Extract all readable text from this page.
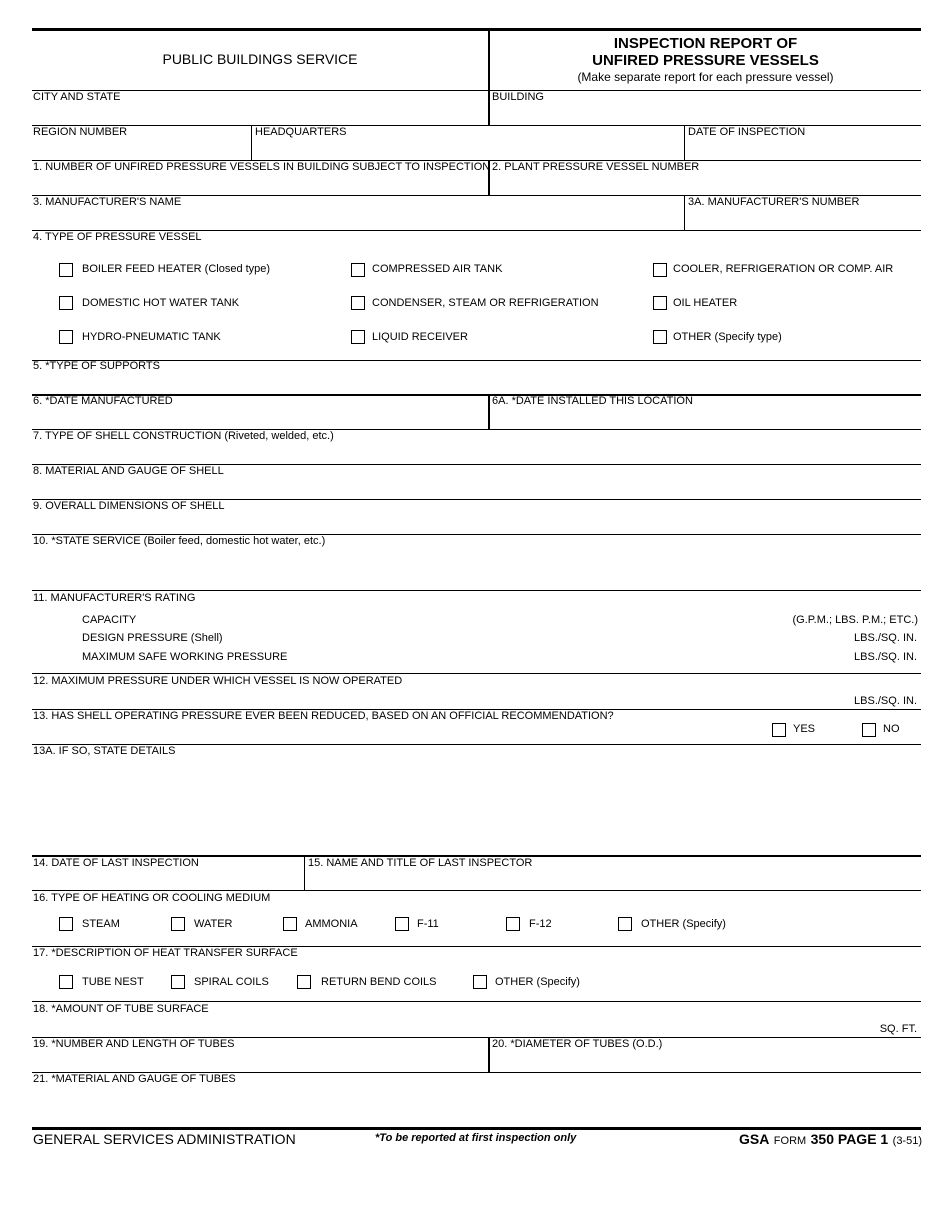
PUBLIC BUILDINGS SERVICE
INSPECTION REPORT OF
UNFIRED PRESSURE VESSELS
(Make separate report for each pressure vessel)
CITY AND STATE	BUILDING
REGION NUMBER	HEADQUARTERS	DATE OF INSPECTION
1. NUMBER OF UNFIRED PRESSURE VESSELS IN BUILDING SUBJECT TO INSPECTION 2. PLANT PRESSURE VESSEL NUMBER
3. MANUFACTURER'S NAME	3A. MANUFACTURER'S NUMBER
4. TYPE OF PRESSURE VESSEL
BOILER FEED HEATER (Closed type)	COMPRESSED AIR TANK	COOLER, REFRIGERATION OR COMP. AIR
DOMESTIC HOT WATER TANK	CONDENSER, STEAM OR REFRIGERATION	OIL HEATER
HYDRO-PNEUMATIC TANK	LIQUID RECEIVER	OTHER (Specify type)
5. *TYPE OF SUPPORTS
6. *DATE MANUFACTURED	6A. *DATE INSTALLED THIS LOCATION
7. TYPE OF SHELL CONSTRUCTION (Riveted, welded, etc.)
8. MATERIAL AND GAUGE OF SHELL
9. OVERALL DIMENSIONS OF SHELL
10. *STATE SERVICE (Boiler feed, domestic hot water, etc.)
11. MANUFACTURER'S RATING
CAPACITY	(G.P.M.; LBS. P.M.; ETC.)
DESIGN PRESSURE (Shell)	LBS./SQ. IN.
MAXIMUM SAFE WORKING PRESSURE	LBS./SQ. IN.
12. MAXIMUM PRESSURE UNDER WHICH VESSEL IS NOW OPERATED
LBS./SQ. IN.
13. HAS SHELL OPERATING PRESSURE EVER BEEN REDUCED, BASED ON AN OFFICIAL RECOMMENDATION?
YES	NO
13A. IF SO, STATE DETAILS
14. DATE OF LAST INSPECTION	15. NAME AND TITLE OF LAST INSPECTOR
16. TYPE OF HEATING OR COOLING MEDIUM
STEAM	WATER	AMMONIA	F-11	F-12	OTHER (Specify)
17. *DESCRIPTION OF HEAT TRANSFER SURFACE
TUBE NEST	SPIRAL COILS	RETURN BEND COILS	OTHER (Specify)
18. *AMOUNT OF TUBE SURFACE
SQ. FT.
19. *NUMBER AND LENGTH OF TUBES	20. *DIAMETER OF TUBES (O.D.)
21. *MATERIAL AND GAUGE OF TUBES
GENERAL SERVICES ADMINISTRATION	*To be reported at first inspection only	GSA FORM 350 PAGE 1 (3-51)
